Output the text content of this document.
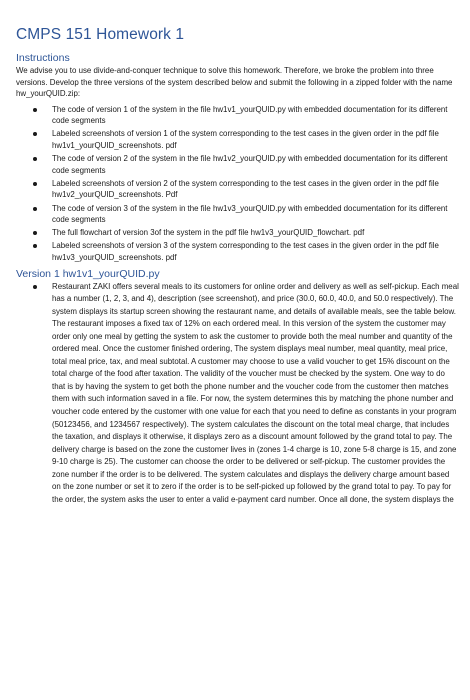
CMPS 151 Homework 1
Instructions

We advise you to use divide-and-conquer technique to solve this homework. Therefore, we broke the problem into three versions. Develop the three versions of the system described below and submit the following in a zipped folder with the name hw_yourQUID.zip:

The code of version 1 of the system in the file hw1v1_yourQUID.py with embedded documentation for its different code segments
Labeled screenshots of version 1 of the system corresponding to the test cases in the given order in the pdf file hw1v1_yourQUID_screenshots. pdf
The code of version 2 of the system in the file hw1v2_yourQUID.py with embedded documentation for its different code segments
Labeled screenshots of version 2 of the system corresponding to the test cases in the given order in the pdf file hw1v2_yourQUID_screenshots. Pdf
The code of version 3 of the system in the file hw1v3_yourQUID.py with embedded documentation for its different code segments
The full flowchart of version 3of the system in the pdf file hw1v3_yourQUID_flowchart. pdf
Labeled screenshots of version 3 of the system corresponding to the test cases in the given order in the pdf file hw1v3_yourQUID_screenshots. pdf
Version 1 hw1v1_yourQUID.py
Restaurant ZAKI offers several meals to its customers for online order and delivery as well as self-pickup. Each meal has a number (1, 2, 3, and 4), description (see screenshot), and price (30.0, 60.0, 40.0, and 50.0 respectively). The system displays its startup screen showing the restaurant name, and details of available meals, see the table below. The restaurant imposes a fixed tax of 12% on each ordered meal. In this version of the system the customer may order only one meal by getting the system to ask the customer to provide both the meal number and quantity of the ordered meal. Once the customer finished ordering, The system displays meal number, meal quantity, meal price, total meal price, tax, and meal subtotal. A customer may choose to use a valid voucher to get 15% discount on the total charge of the food after taxation. The validity of the voucher must be checked by the system. One way to do that is by having the system to get both the phone number and the voucher code from the customer then matches them with such information saved in a file. For now, the system determines this by matching the phone number and voucher code entered by the customer with one value for each that you need to define as constants in your program (50123456, and 1234567 respectively). The system calculates the discount on the total meal charge, that includes the taxation, and displays it otherwise, it displays zero as a discount amount followed by the grand total to pay. The delivery charge is based on the zone the customer lives in (zones 1-4 charge is 10, zone 5-8 charge is 15, and zone 9-10 charge is 25). The customer can choose the order to be delivered or self-pickup. The customer provides the zone number if the order is to be delivered. The system calculates and displays the delivery charge amount based on the zone number or set it to zero if the order is to be self-picked up followed by the grand total to pay. To pay for the order, the system asks the user to enter a valid e-payment card number. Once all done, the system displays the
